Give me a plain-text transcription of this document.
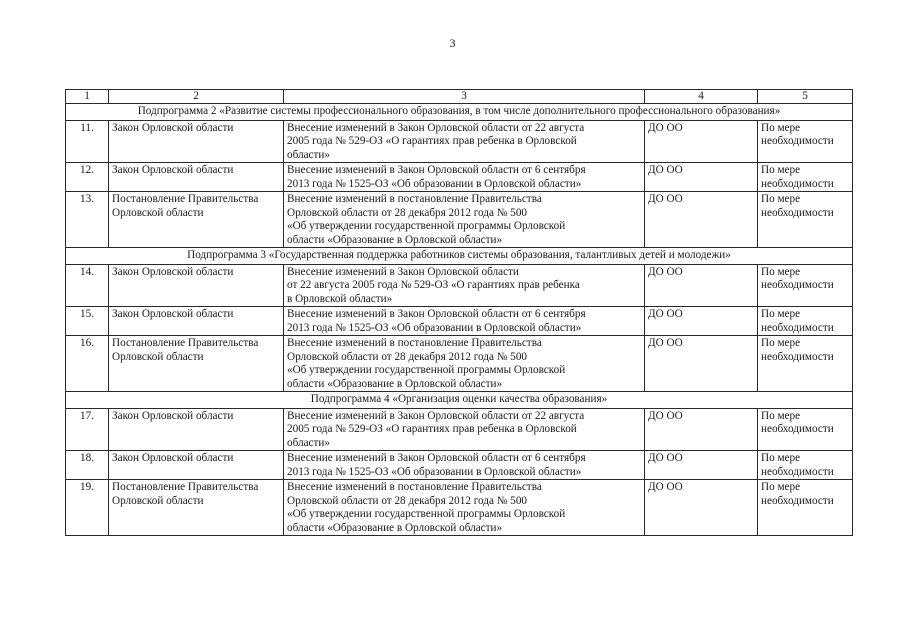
3
1	2	3	4	5
Подпрограмма 2 «Развитие системы профессионального образования, в том числе дополнительного профессионального образования»				
11.	Закон Орловской области	Внесение изменений в Закон Орловской области от 22 августа
2005 года № 529-ОЗ «О гарантиях прав ребенка в Орловской
области»	ДО ОО	По мере
необходимости

12.	Закон Орловской области	Внесение изменений в Закон Орловской области от 6 сентября
2013 года № 1525-ОЗ «Об образовании в Орловской области»	ДО ОО	По мере
необходимости

13.	Постановление Правительства Орловской области	Внесение изменений в постановление Правительства
Орловской области от 28 декабря 2012 года № 500
«Об утверждении государственной программы Орловской
области «Образование в Орловской области»	ДО ОО	По мере
необходимости

Подпрограмма 3 «Государственная поддержка работников системы образования, талантливых детей и молодежи»				
14.	Закон Орловской области	Внесение изменений в Закон Орловской области
от 22 августа 2005 года № 529-ОЗ «О гарантиях прав ребенка
в Орловской области»	ДО ОО	По мере
необходимости

15.	Закон Орловской области	Внесение изменений в Закон Орловской области от 6 сентября
2013 года № 1525-ОЗ «Об образовании в Орловской области»	ДО ОО	По мере
необходимости

16.	Постановление Правительства Орловской области	Внесение изменений в постановление Правительства
Орловской области от 28 декабря 2012 года № 500
«Об утверждении государственной программы Орловской
области «Образование в Орловской области»	ДО ОО	По мере
необходимости

Подпрограмма 4 «Организация оценки качества образования»				
17.	Закон Орловской области	Внесение изменений в Закон Орловской области от 22 августа
2005 года № 529-ОЗ «О гарантиях прав ребенка в Орловской
области»	ДО ОО	По мере
необходимости

18.	Закон Орловской области	Внесение изменений в Закон Орловской области от 6 сентября
2013 года № 1525-ОЗ «Об образовании в Орловской области»	ДО ОО	По мере
необходимости

19.	Постановление Правительства Орловской области	Внесение изменений в постановление Правительства
Орловской области от 28 декабря 2012 года № 500
«Об утверждении государственной программы Орловской
области «Образование в Орловской области»	ДО ОО	По мере
необходимости
